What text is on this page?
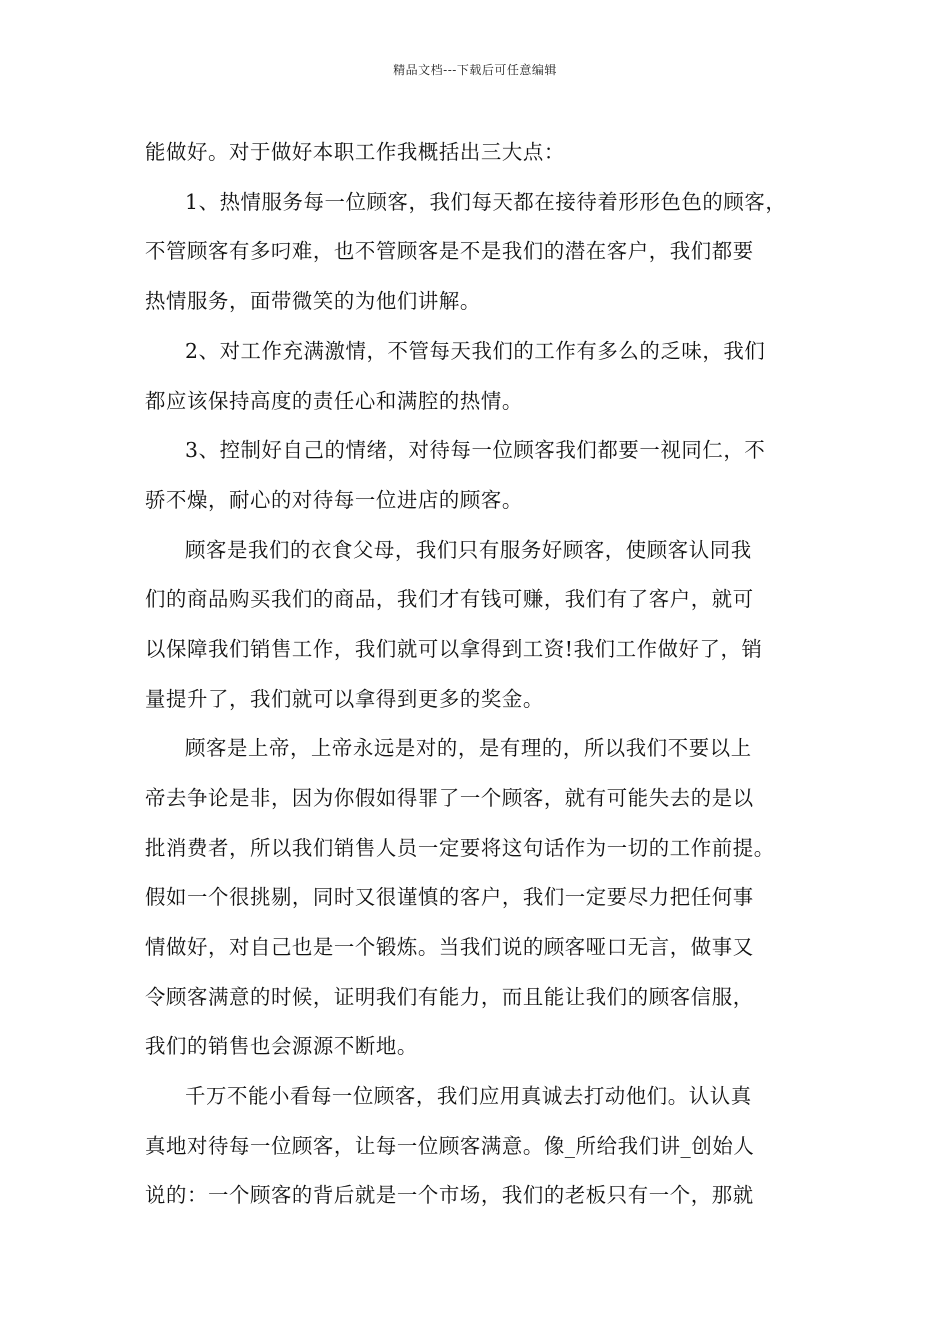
精品文档---下载后可任意编辑
能做好。对于做好本职工作我概括出三大点：
1、热情服务每一位顾客，我们每天都在接待着形形色色的顾客，
不管顾客有多叼难，也不管顾客是不是我们的潜在客户，我们都要
热情服务，面带微笑的为他们讲解。
2、对工作充满激情，不管每天我们的工作有多么的乏味，我们
都应该保持高度的责任心和满腔的热情。
3、控制好自己的情绪，对待每一位顾客我们都要一视同仁，不
骄不燥，耐心的对待每一位进店的顾客。
顾客是我们的衣食父母，我们只有服务好顾客，使顾客认同我
们的商品购买我们的商品，我们才有钱可赚，我们有了客户，就可
以保障我们销售工作，我们就可以拿得到工资!我们工作做好了，销
量提升了，我们就可以拿得到更多的奖金。
顾客是上帝，上帝永远是对的，是有理的，所以我们不要以上
帝去争论是非，因为你假如得罪了一个顾客，就有可能失去的是以
批消费者，所以我们销售人员一定要将这句话作为一切的工作前提。
假如一个很挑剔，同时又很谨慎的客户，我们一定要尽力把任何事
情做好，对自己也是一个锻炼。当我们说的顾客哑口无言，做事又
令顾客满意的时候，证明我们有能力，而且能让我们的顾客信服，
我们的销售也会源源不断地。
千万不能小看每一位顾客，我们应用真诚去打动他们。认认真
真地对待每一位顾客，让每一位顾客满意。像_所给我们讲_创始人
说的：一个顾客的背后就是一个市场，我们的老板只有一个，那就
